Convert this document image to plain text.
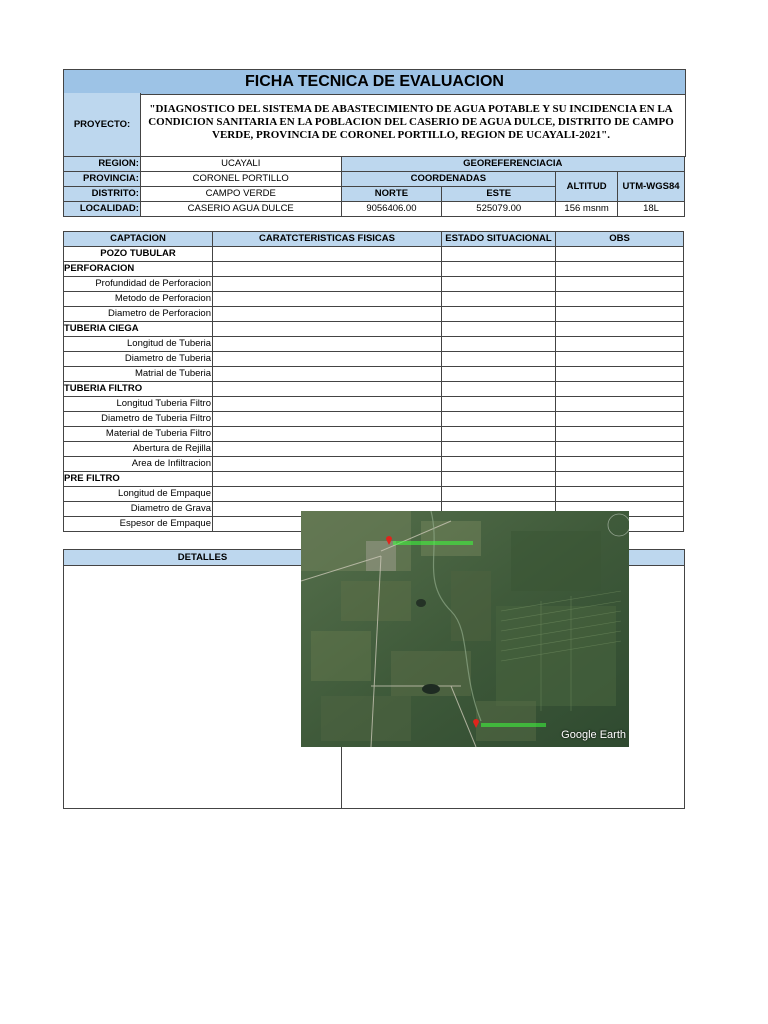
FICHA TECNICA DE EVALUACION
PROYECTO:
"DIAGNOSTICO DEL SISTEMA DE ABASTECIMIENTO DE AGUA POTABLE Y SU INCIDENCIA EN LA CONDICION SANITARIA EN LA POBLACION DEL CASERIO DE AGUA DULCE, DISTRITO DE CAMPO VERDE, PROVINCIA DE CORONEL PORTILLO, REGION DE UCAYALI-2021".
REGION:	UCAYALI	GEOREFERENCIACIA			
PROVINCIA:	CORONEL PORTILLO	COORDENADAS		ALTITUD	UTM-WGS84
DISTRITO:	CAMPO VERDE	NORTE	ESTE		
LOCALIDAD:	CASERIO AGUA DULCE	9056406.00	525079.00	156 msnm	18L
CAPTACION	CARATCTERISTICAS FISICAS	ESTADO SITUACIONAL	OBS
POZO TUBULAR			
PERFORACION			
Profundidad de Perforacion			
Metodo de Perforacion			
Diametro de Perforacion			
TUBERIA CIEGA			
Longitud de Tuberia			
Diametro de Tuberia			
Matrial de Tuberia			
TUBERIA FILTRO			
Longitud Tuberia Filtro			
Diametro de Tuberia Filtro			
Material de Tuberia Filtro			
Abertura de Rejilla			
Area de Infiltracion			
PRE FILTRO			
Longitud de Empaque			
Diametro de Grava			
Espesor de Empaque			
DETALLES
Google Earth
